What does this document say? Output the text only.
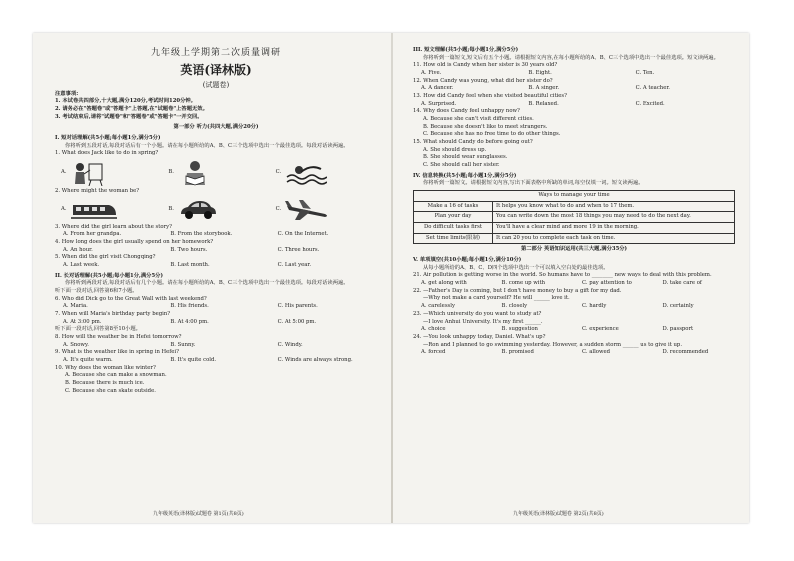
九年级上学期第二次质量调研
英语(译林版)
(试题卷)

注意事项:

1. 本试卷共四部分,十大题,满分120分,考试时间120分钟。

2. 请务必在"答题卷"或"答题卡"上答题,在"试题卷"上答题无效。

3. 考试结束后,请将"试题卷"和"答题卷"或"答题卡"一并交回。

第一部分 听力(共四大题,满分20分)

I. 短对话理解(共5小题;每小题1分,满分5分)

你将听到五段对话,每段对话后有一个小题。请在每小题所给的A、B、C三个选项中选出一个最佳选项。每段对话读两遍。

1. What does Jack like to do in spring?

A.	B.	C.

2. Where might the woman be?

A.	B.	C.

3. Where did the girl learn about the story?

A. From her grandpa.	B. From the storybook.	C. On the Internet.

4. How long does the girl usually spend on her homework?

A. An hour.	B. Two hours.	C. Three hours.

5. When did the girl visit Chongqing?

A. Last week.	B. Last month.	C. Last year.

II. 长对话理解(共5小题;每小题1分,满分5分)

你将听到两段对话,每段对话后有几个小题。请在每小题所给的A、B、C三个选项中选出一个最佳选项。每段对话读两遍。

听下面一段对话,回答第6和7小题。

6. Who did Dick go to the Great Wall with last weekend?

A. Maria.	B. His friends.	C. His parents.

7. When will Maria's birthday party begin?

A. At 3:00 pm.	B. At 4:00 pm.	C. At 5:00 pm.

听下面一段对话,回答第8至10小题。

8. How will the weather be in Hefei tomorrow?

A. Snowy.	B. Sunny.	C. Windy.

9. What is the weather like in spring in Hefei?

A. It's quite warm.	B. It's quite cold.	C. Winds are always strong.

10. Why does the woman like winter?

A. Because she can make a snowman.

B. Because there is much ice.

C. Because she can skate outside.

九年级英语(译林版)试题卷 第1页(共8页)

III. 短文理解(共5小题;每小题1分,满分5分)

你将听到一篇短文,短文后有五个小题。请根据短文内容,在每小题所给的A、B、C三个选项中选出一个最佳选项。短文读两遍。

11. How old is Candy when her sister is 30 years old?

A. Five.	B. Eight.	C. Ten.

12. When Candy was young, what did her sister do?

A. A dancer.	B. A singer.	C. A teacher.

13. How did Candy feel when she visited beautiful cities?

A. Surprised.	B. Relaxed.	C. Excited.

14. Why does Candy feel unhappy now?

A. Because she can't visit different cities.

B. Because she doesn't like to meet strangers.

C. Because she has no free time to do other things.

15. What should Candy do before going out?

A. She should dress up.

B. She should wear sunglasses.

C. She should call her sister.

IV. 信息转换(共5小题;每小题1分,满分5分)

你将听到一篇短文。请根据短文内容,写出下面表格中所缺的单词,每空仅填一词。短文读两遍。

Ways to manage your time	
Make a 16 of tasks	It helps you know what to do and when to 17 them.
Plan your day	You can write down the most 18 things you may need to do the next day.
Do difficult tasks first	You'll have a clear mind and more 19 in the morning.
Set time limits(限制)	It can 20 you to complete each task on time.

第二部分 英语知识运用(共三大题,满分35分)

V. 单项填空(共10小题;每小题1分,满分10分)

从每小题所给的A、B、C、D四个选项中选出一个可以填入空白处的最佳选项。

21. Air pollution is getting worse in the world. So humans have to ________ new ways to deal with this problem.

A. get along with	B. come up with	C. pay attention to	D. take care of

22. —Father's Day is coming, but I don't have money to buy a gift for my dad.

—Why not make a card yourself? He will ______ love it.

A. carelessly	B. closely	C. hardly	D. certainly

23. —Which university do you want to study at?

—I love Anhui University. It's my first ______.

A. choice	B. suggestion	C. experience	D. passport

24. —You look unhappy today, Daniel. What's up?

—Ron and I planned to go swimming yesterday. However, a sudden storm ______ us to give it up.

A. forced	B. promised	C. allowed	D. recommended
九年级英语(译林版)试题卷 第2页(共8页)
